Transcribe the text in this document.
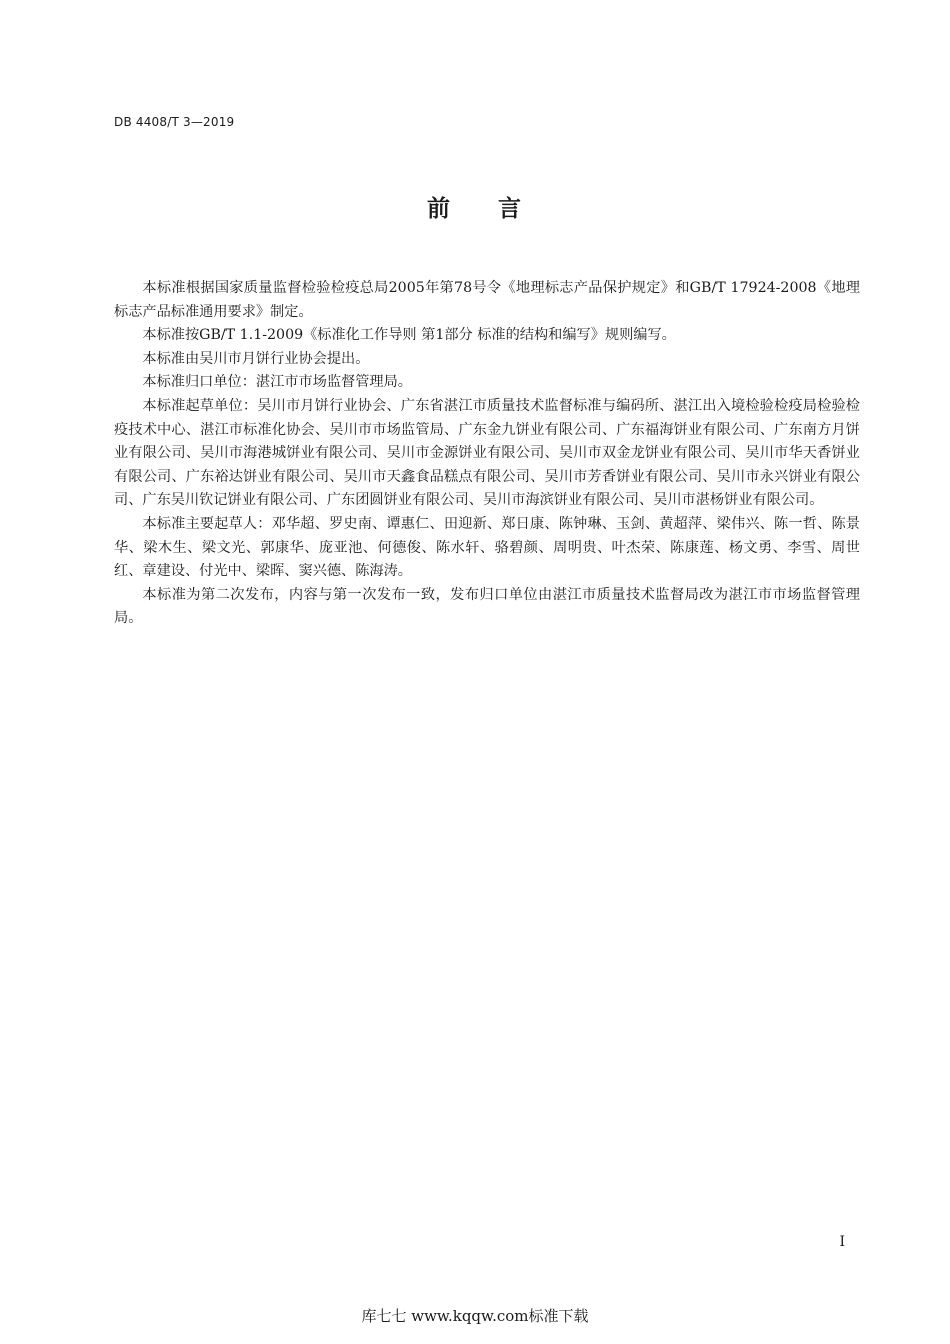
DB 4408/T 3—2019
前 言

本标准根据国家质量监督检验检疫总局2005年第78号令《地理标志产品保护规定》和GB/T 17924-2008《地理标志产品标准通用要求》制定。

本标准按GB/T 1.1-2009《标准化工作导则 第1部分 标准的结构和编写》规则编写。

本标准由吴川市月饼行业协会提出。

本标准归口单位：湛江市市场监督管理局。

本标准起草单位：吴川市月饼行业协会、广东省湛江市质量技术监督标准与编码所、湛江出入境检验检疫局检验检疫技术中心、湛江市标准化协会、吴川市市场监管局、广东金九饼业有限公司、广东福海饼业有限公司、广东南方月饼业有限公司、吴川市海港城饼业有限公司、吴川市金源饼业有限公司、吴川市双金龙饼业有限公司、吴川市华天香饼业有限公司、广东裕达饼业有限公司、吴川市天鑫食品糕点有限公司、吴川市芳香饼业有限公司、吴川市永兴饼业有限公司、广东吴川钦记饼业有限公司、广东团圆饼业有限公司、吴川市海滨饼业有限公司、吴川市湛杨饼业有限公司。

本标准主要起草人：邓华超、罗史南、谭惠仁、田迎新、郑日康、陈钟琳、玉剑、黄超萍、梁伟兴、陈一哲、陈景华、梁木生、梁文光、郭康华、庞亚池、何德俊、陈水轩、骆碧颜、周明贵、叶杰荣、陈康莲、杨文勇、李雪、周世红、章建设、付光中、梁晖、窦兴德、陈海涛。

本标准为第二次发布，内容与第一次发布一致，发布归口单位由湛江市质量技术监督局改为湛江市市场监督管理局。

I
库七七 www.kqqw.com标准下载
